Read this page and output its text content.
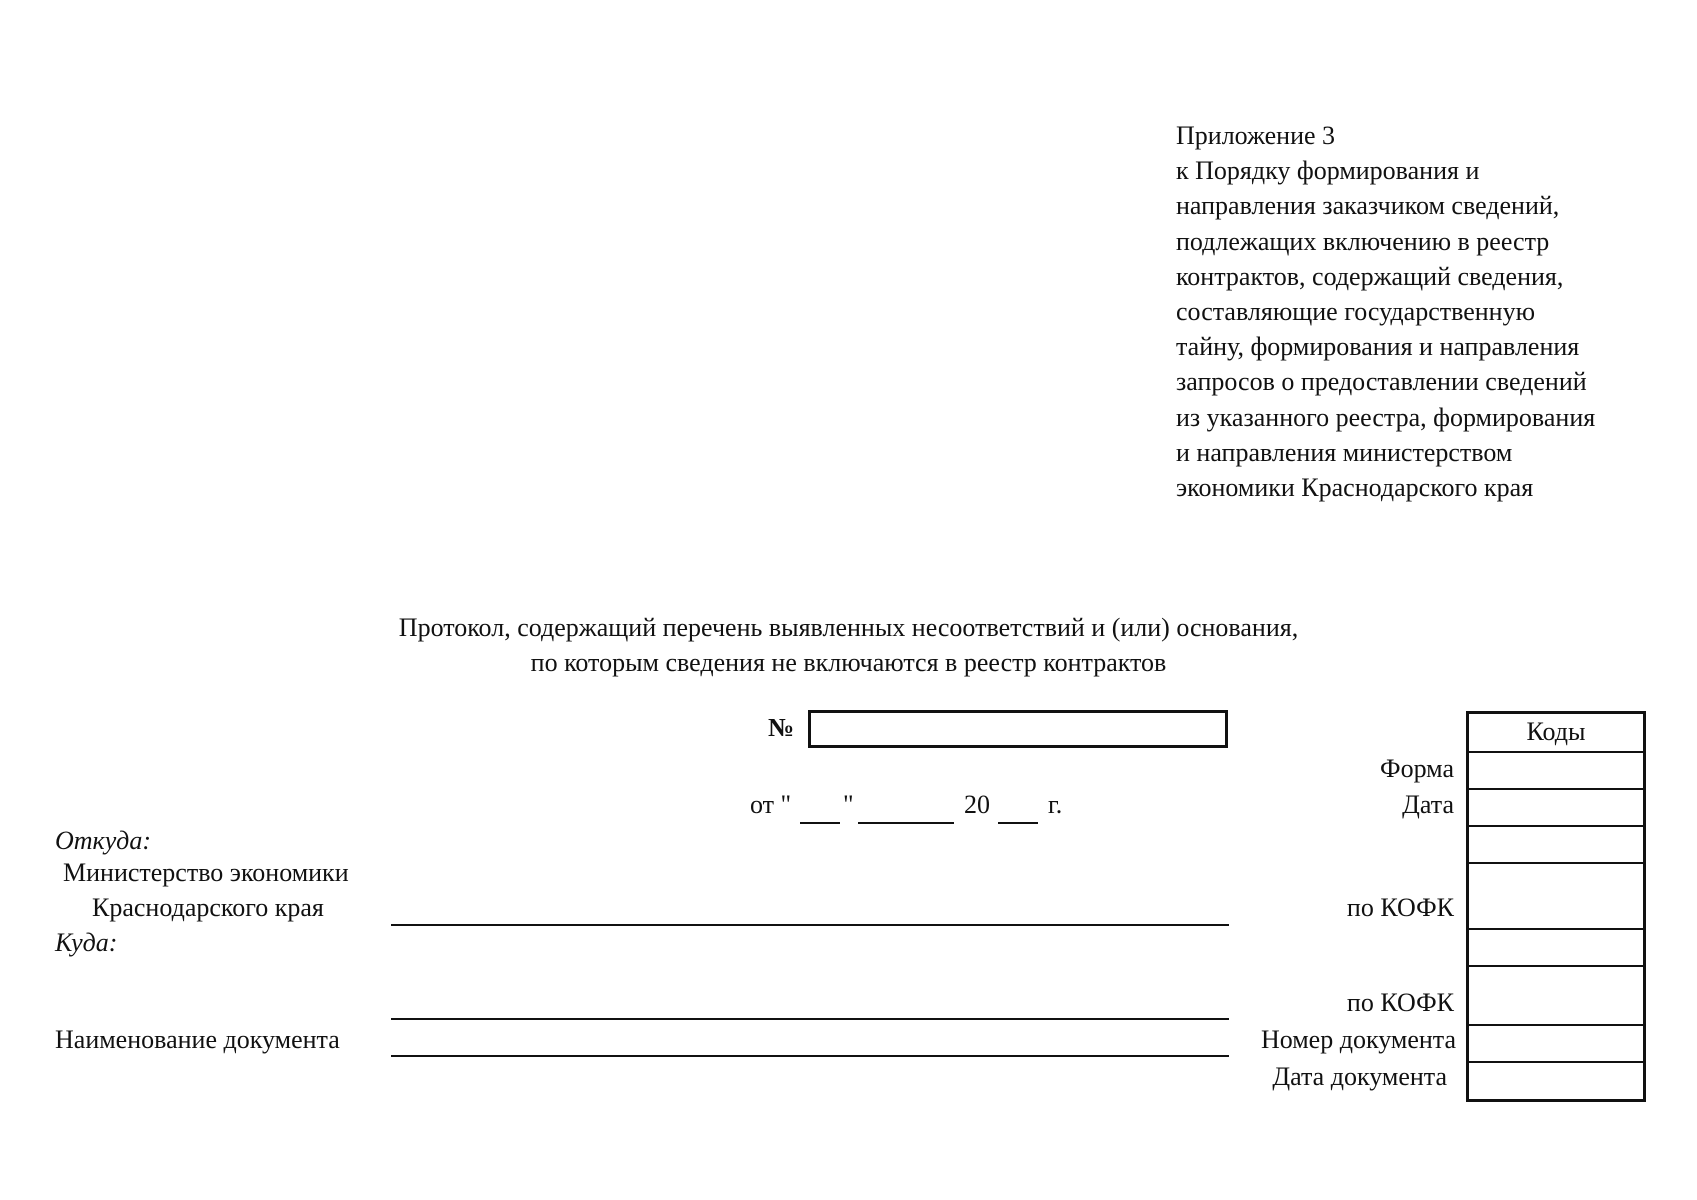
Приложение 3
к Порядку формирования и
направления заказчиком сведений,
подлежащих включению в реестр
контрактов, содержащий сведения,
составляющие государственную
тайну, формирования и направления
запросов о предоставлении сведений
из указанного реестра, формирования
и направления министерством
экономики Краснодарского края
Протокол, содержащий перечень выявленных несоответствий и (или) основания,
по которым сведения не включаются в реестр контрактов
№
от " "	20 г.
Откуда:
Министерство экономики
Краснодарского края
Куда:
Наименование документа
Коды
Форма
Дата
по КОФК
по КОФК
Номер документа
Дата документа
